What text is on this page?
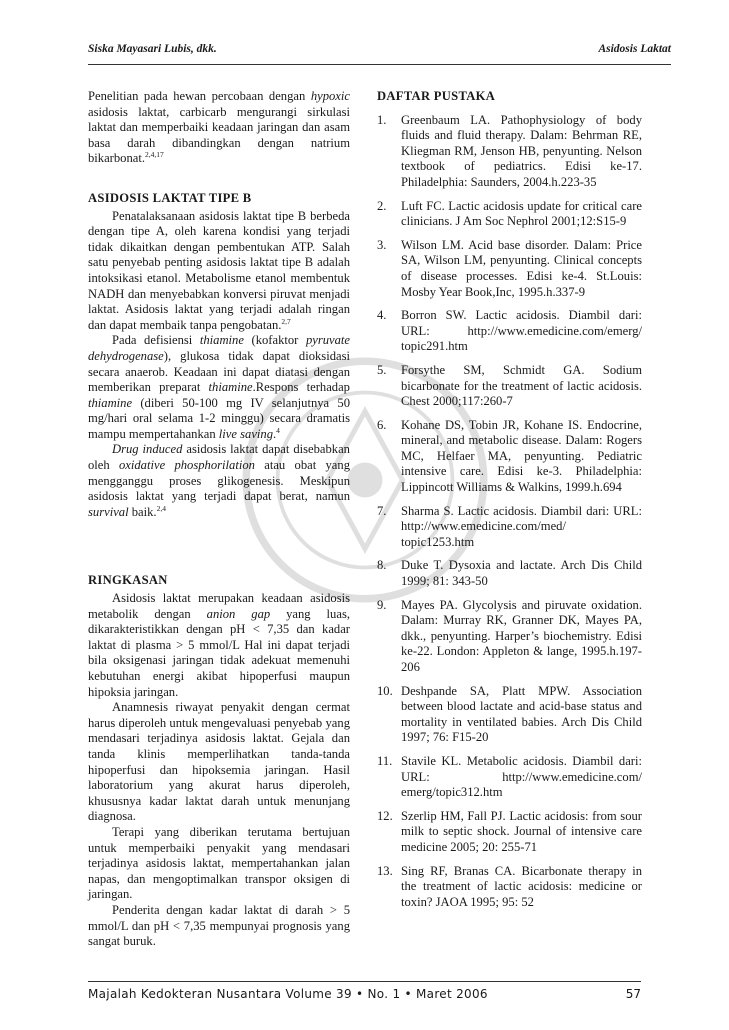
Siska Mayasari Lubis, dkk.	Asidosis Laktat

Penelitian pada hewan percobaan dengan hypoxic asidosis laktat, carbicarb mengurangi sirkulasi laktat dan memperbaiki keadaan jaringan dan asam basa darah dibandingkan dengan natrium bikarbonat.$^{2,4,17}$

ASIDOSIS LAKTAT TIPE B

Penatalaksanaan asidosis laktat tipe B berbeda dengan tipe A, oleh karena kondisi yang terjadi tidak dikaitkan dengan pembentukan ATP. Salah satu penyebab penting asidosis laktat tipe B adalah intoksikasi etanol. Metabolisme etanol membentuk NADH dan menyebabkan konversi piruvat menjadi laktat. Asidosis laktat yang terjadi adalah ringan dan dapat membaik tanpa pengobatan.$^{2,7}$

Pada defisiensi thiamine (kofaktor pyruvate dehydrogenase), glukosa tidak dapat dioksidasi secara anaerob. Keadaan ini dapat diatasi dengan memberikan preparat thiamine.Respons terhadap thiamine (diberi 50-100 mg IV selanjutnya 50 mg/hari oral selama 1-2 minggu) secara dramatis mampu mempertahankan live saving.$^4$

Drug induced asidosis laktat dapat disebabkan oleh oxidative phosphorilation atau obat yang mengganggu proses glikogenesis. Meskipun asidosis laktat yang terjadi dapat berat, namun survival baik.$^{2,4}$

RINGKASAN

Asidosis laktat merupakan keadaan asidosis metabolik dengan anion gap yang luas, dikarakteristikkan dengan pH < 7,35 dan kadar laktat di plasma > 5 mmol/L Hal ini dapat terjadi bila oksigenasi jaringan tidak adekuat memenuhi kebutuhan energi akibat hipoperfusi maupun hipoksia jaringan.

Anamnesis riwayat penyakit dengan cermat harus diperoleh untuk mengevaluasi penyebab yang mendasari terjadinya asidosis laktat. Gejala dan tanda klinis memperlihatkan tanda-tanda hipoperfusi dan hipoksemia jaringan. Hasil laboratorium yang akurat harus diperoleh, khususnya kadar laktat darah untuk menunjang diagnosa.

Terapi yang diberikan terutama bertujuan untuk memperbaiki penyakit yang mendasari terjadinya asidosis laktat, mempertahankan jalan napas, dan mengoptimalkan transpor oksigen di jaringan.

Penderita dengan kadar laktat di darah > 5 mmol/L dan pH < 7,35 mempunyai prognosis yang sangat buruk.

DAFTAR PUSTAKA
1. Greenbaum LA. Pathophysiology of body fluids and fluid therapy. Dalam: Behrman RE, Kliegman RM, Jenson HB, penyunting. Nelson textbook of pediatrics. Edisi ke-17. Philadelphia: Saunders, 2004.h.223-35
2. Luft FC. Lactic acidosis update for critical care clinicians. J Am Soc Nephrol 2001;12:S15-9
3. Wilson LM. Acid base disorder. Dalam: Price SA, Wilson LM, penyunting. Clinical concepts of disease processes. Edisi ke-4. St.Louis: Mosby Year Book,Inc, 1995.h.337-9
4. Borron SW. Lactic acidosis. Diambil dari: URL: http://www.emedicine.com/emerg/ topic291.htm
5. Forsythe SM, Schmidt GA. Sodium bicarbonate for the treatment of lactic acidosis. Chest 2000;117:260-7
6. Kohane DS, Tobin JR, Kohane IS. Endocrine, mineral, and metabolic disease. Dalam: Rogers MC, Helfaer MA, penyunting. Pediatric intensive care. Edisi ke-3. Philadelphia: Lippincott Williams & Walkins, 1999.h.694
7. Sharma S. Lactic acidosis. Diambil dari: URL: http://www.emedicine.com/med/ topic1253.htm
8. Duke T. Dysoxia and lactate. Arch Dis Child 1999; 81: 343-50
9. Mayes PA. Glycolysis and piruvate oxidation. Dalam: Murray RK, Granner DK, Mayes PA, dkk., penyunting. Harper’s biochemistry. Edisi ke-22. London: Appleton & lange, 1995.h.197-206
10. Deshpande SA, Platt MPW. Association between blood lactate and acid-base status and mortality in ventilated babies. Arch Dis Child 1997; 76: F15-20
11. Stavile KL. Metabolic acidosis. Diambil dari: URL: http://www.emedicine.com/ emerg/topic312.htm
12. Szerlip HM, Fall PJ. Lactic acidosis: from sour milk to septic shock. Journal of intensive care medicine 2005; 20: 255-71
13. Sing RF, Branas CA. Bicarbonate therapy in the treatment of lactic acidosis: medicine or toxin? JAOA 1995; 95: 52
Majalah Kedokteran Nusantara Volume 39 • No. 1 • Maret 2006	57
